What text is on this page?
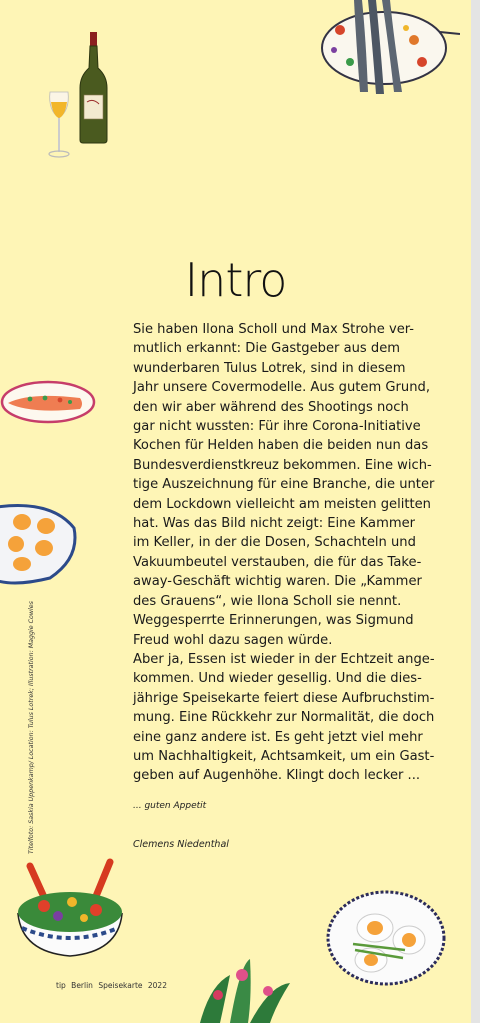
Intro
Sie haben Ilona Scholl und Max Strohe ver-
mutlich erkannt: Die Gastgeber aus dem
wunderbaren Tulus Lotrek, sind in diesem
Jahr unsere Covermodelle. Aus gutem Grund,
den wir aber während des Shootings noch
gar nicht wussten: Für ihre Corona-Initiative
Kochen für Helden haben die beiden nun das
Bundesverdienstkreuz bekommen. Eine wich-
tige Auszeichnung für eine Branche, die unter
dem Lockdown vielleicht am meisten gelitten
hat. Was das Bild nicht zeigt: Eine Kammer
im Keller, in der die Dosen, Schachteln und
Vakuumbeutel verstauben, die für das Take-
away-Geschäft wichtig waren. Die „Kammer
des Grauens“, wie Ilona Scholl sie nennt.
Weggesperrte Erinnerungen, was Sigmund
Freud wohl dazu sagen würde.
Aber ja, Essen ist wieder in der Echtzeit ange-
kommen. Und wieder gesellig. Und die dies-
jährige Speisekarte feiert diese Aufbruchstim-
mung. Eine Rückkehr zur Normalität, die doch
eine ganz andere ist. Es geht jetzt viel mehr
um Nachhaltigkeit, Achtsamkeit, um ein Gast-
geben auf Augenhöhe. Klingt doch lecker ...
... guten Appetit
Clemens Niedenthal
Titelfoto: Saskia Uppenkamp/ Location: Tulus Lotrek; Illustration: Maggie Cowles
tip Berlin Speisekarte 2022
